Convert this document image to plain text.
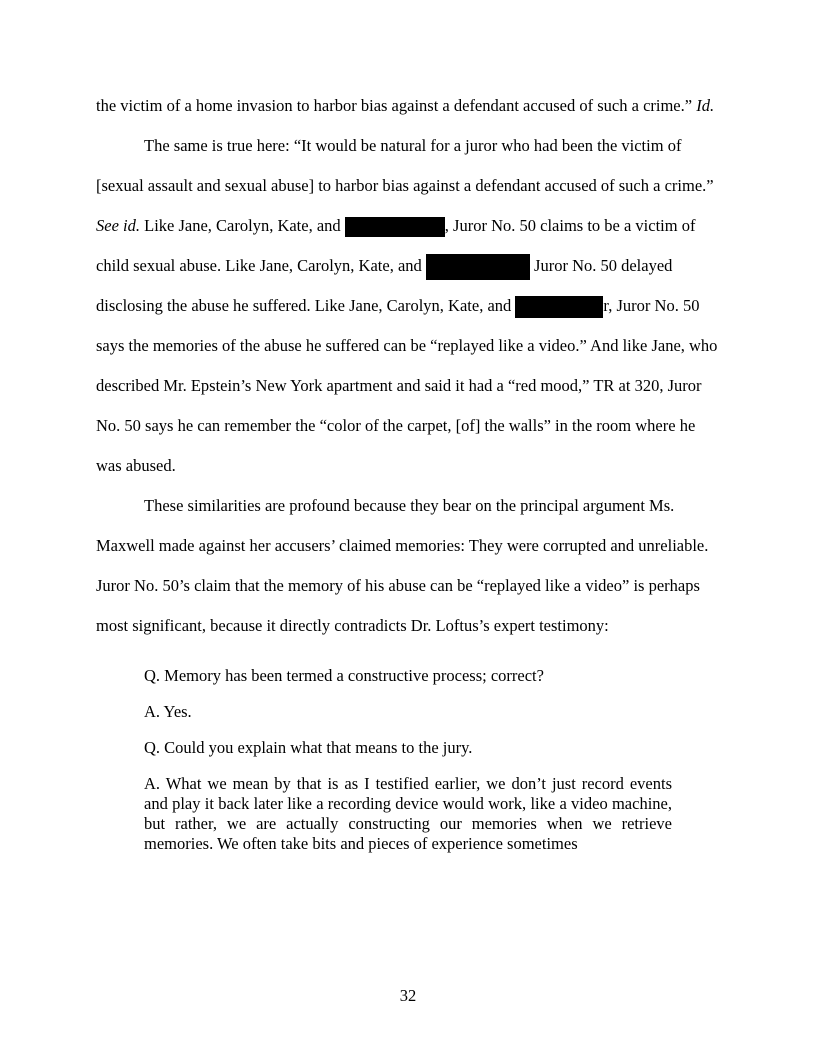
the victim of a home invasion to harbor bias against a defendant accused of such a crime.” Id.

The same is true here: “It would be natural for a juror who had been the victim of [sexual assault and sexual abuse] to harbor bias against a defendant accused of such a crime.” See id. Like Jane, Carolyn, Kate, and	, Juror No. 50 claims to be a victim of child sexual abuse. Like Jane, Carolyn, Kate, and	Juror No. 50 delayed disclosing the abuse he suffered. Like Jane, Carolyn, Kate, and	r, Juror No. 50 says the memories of the abuse he suffered can be “replayed like a video.” And like Jane, who described Mr. Epstein’s New York apartment and said it had a “red mood,” TR at 320, Juror No. 50 says he can remember the “color of the carpet, [of] the walls” in the room where he was abused.

These similarities are profound because they bear on the principal argument Ms. Maxwell made against her accusers’ claimed memories: They were corrupted and unreliable. Juror No. 50’s claim that the memory of his abuse can be “replayed like a video” is perhaps most significant, because it directly contradicts Dr. Loftus’s expert testimony:

Q. Memory has been termed a constructive process; correct?

A. Yes.

Q. Could you explain what that means to the jury.

A. What we mean by that is as I testified earlier, we don’t just record events and play it back later like a recording device would work, like a video machine, but rather, we are actually constructing our memories when we retrieve memories. We often take bits and pieces of experience sometimes

32
